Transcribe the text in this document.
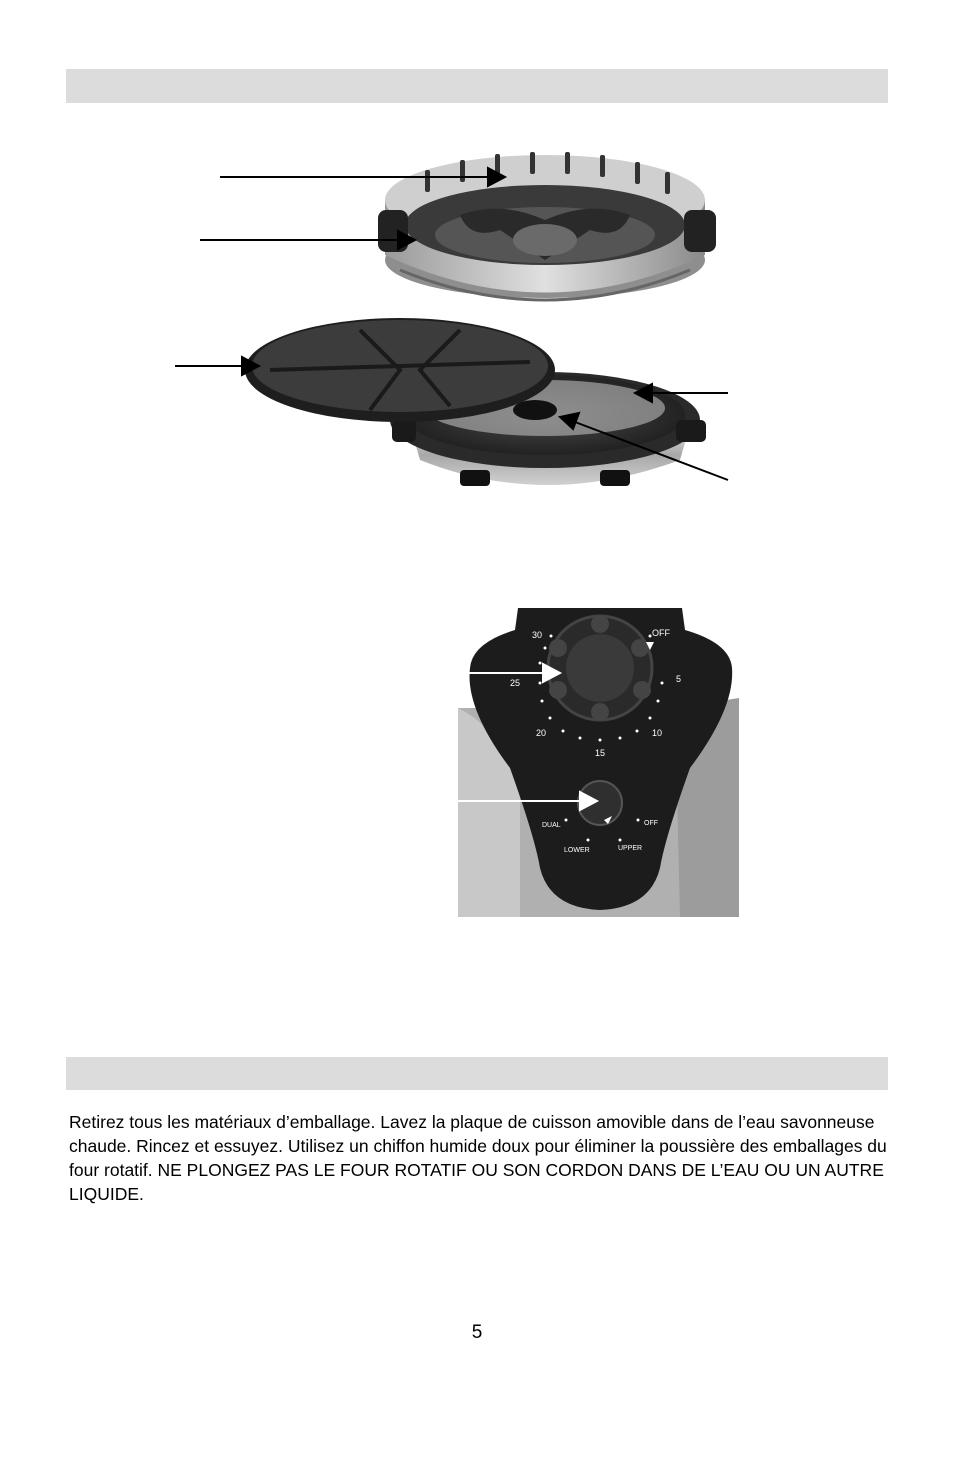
30	OFF
25	5
20	10
15
DUAL	OFF
LOWER	UPPER

Retirez tous les matériaux d’emballage. Lavez la plaque de cuisson amovible dans de l’eau savonneuse chaude. Rincez et essuyez. Utilisez un chiffon humide doux pour éliminer la poussière des emballages du four rotatif. NE PLONGEZ PAS LE FOUR ROTATIF OU SON CORDON DANS DE L’EAU OU UN AUTRE LIQUIDE.

5
